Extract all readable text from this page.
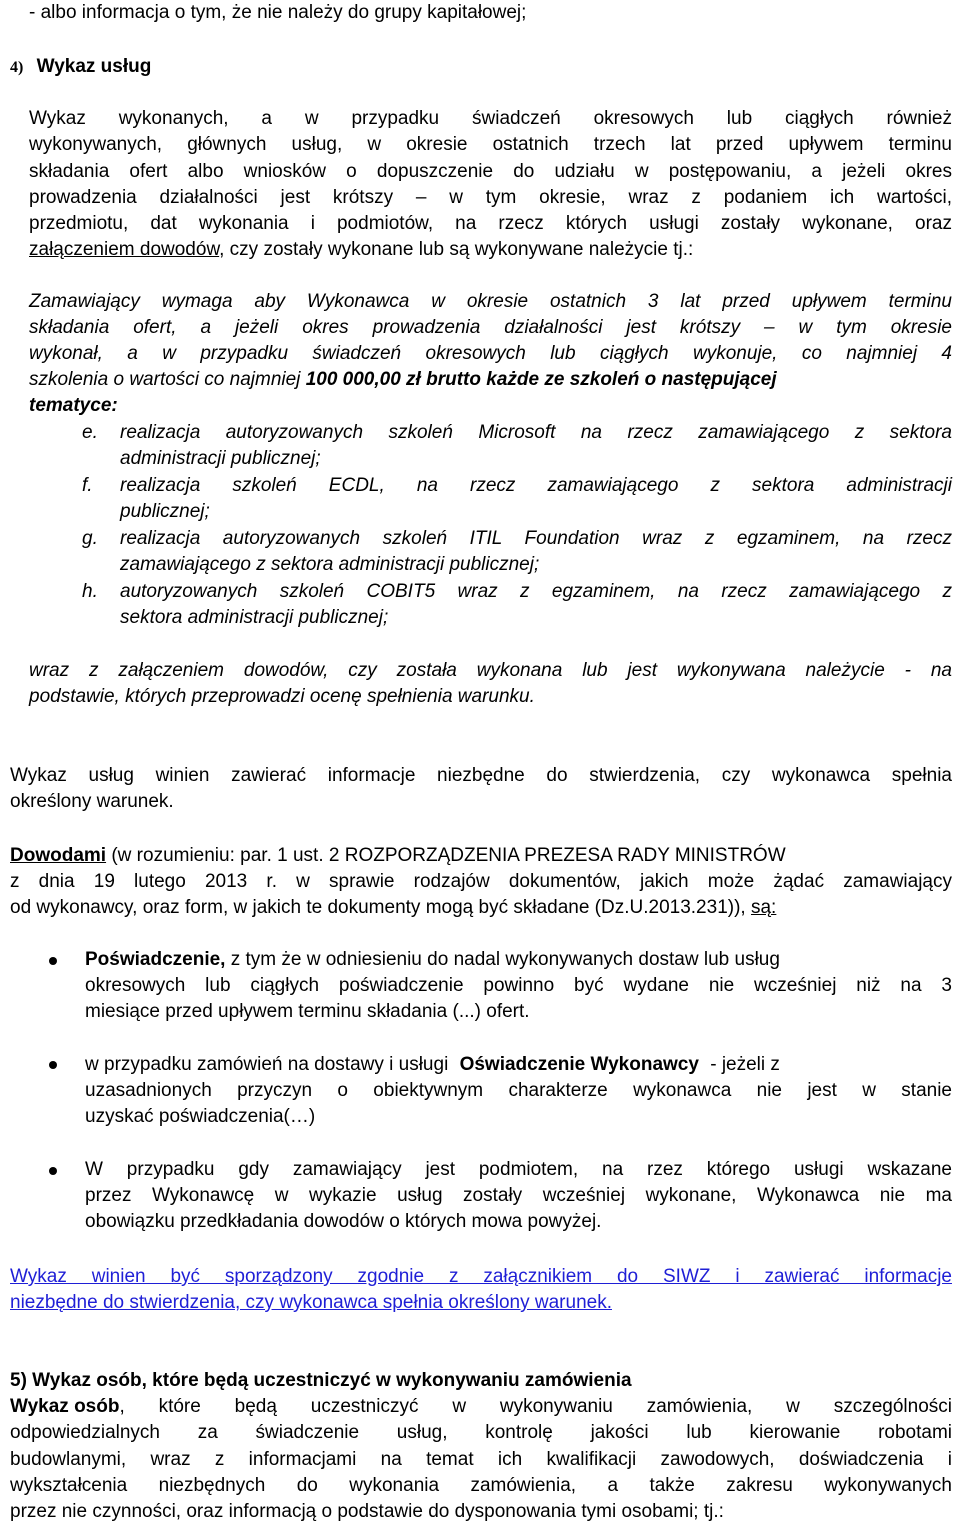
- albo informacja o tym, że nie należy do grupy kapitałowej;
4) Wykaz usług
Wykaz wykonanych, a w przypadku świadczeń okresowych lub ciągłych również
wykonywanych, głównych usług, w okresie ostatnich trzech lat przed upływem terminu
składania ofert albo wniosków o dopuszczenie do udziału w postępowaniu, a jeżeli okres
prowadzenia działalności jest krótszy – w tym okresie, wraz z podaniem ich wartości,
przedmiotu, dat wykonania i podmiotów, na rzecz których usługi zostały wykonane, oraz
załączeniem dowodów, czy zostały wykonane lub są wykonywane należycie tj.:
Zamawiający wymaga aby Wykonawca w okresie ostatnich 3 lat przed upływem terminu
składania ofert, a jeżeli okres prowadzenia działalności jest krótszy – w tym okresie
wykonał, a w przypadku świadczeń okresowych lub ciągłych wykonuje, co najmniej 4
szkolenia o wartości co najmniej 100 000,00 zł brutto każde ze szkoleń o następującej
tematyce:
e. realizacja autoryzowanych szkoleń Microsoft na rzecz zamawiającego z sektora
administracji publicznej;
f. realizacja szkoleń ECDL, na rzecz zamawiającego z sektora administracji
publicznej;
g. realizacja autoryzowanych szkoleń ITIL Foundation wraz z egzaminem, na rzecz
zamawiającego z sektora administracji publicznej;
h. autoryzowanych szkoleń COBIT5 wraz z egzaminem, na rzecz zamawiającego z
sektora administracji publicznej;
wraz z załączeniem dowodów, czy została wykonana lub jest wykonywana należycie - na
podstawie, których przeprowadzi ocenę spełnienia warunku.
Wykaz usług winien zawierać informacje niezbędne do stwierdzenia, czy wykonawca spełnia
określony warunek.
Dowodami (w rozumieniu: par. 1 ust. 2 ROZPORZĄDZENIA PREZESA RADY MINISTRÓW
z dnia 19 lutego 2013 r. w sprawie rodzajów dokumentów, jakich może żądać zamawiający
od wykonawcy, oraz form, w jakich te dokumenty mogą być składane (Dz.U.2013.231)), są:
Poświadczenie, z tym że w odniesieniu do nadal wykonywanych dostaw lub usług
okresowych lub ciągłych poświadczenie powinno być wydane nie wcześniej niż na 3
miesiące przed upływem terminu składania (...) ofert.
w przypadku zamówień na dostawy i usługi Oświadczenie Wykonawcy - jeżeli z
uzasadnionych przyczyn o obiektywnym charakterze wykonawca nie jest w stanie
uzyskać poświadczenia(…)
W przypadku gdy zamawiający jest podmiotem, na rzez którego usługi wskazane
przez Wykonawcę w wykazie usług zostały wcześniej wykonane, Wykonawca nie ma
obowiązku przedkładania dowodów o których mowa powyżej.
Wykaz winien być sporządzony zgodnie z załącznikiem do SIWZ i zawierać informacje
niezbędne do stwierdzenia, czy wykonawca spełnia określony warunek.
5) Wykaz osób, które będą uczestniczyć w wykonywaniu zamówienia
Wykaz osób , które będą uczestniczyć w wykonywaniu zamówienia, w szczególności
odpowiedzialnych za świadczenie usług, kontrolę jakości lub kierowanie robotami
budowlanymi, wraz z informacjami na temat ich kwalifikacji zawodowych, doświadczenia i
wykształcenia niezbędnych do wykonania zamówienia, a także zakresu wykonywanych
przez nie czynności, oraz informacją o podstawie do dysponowania tymi osobami; tj.:
